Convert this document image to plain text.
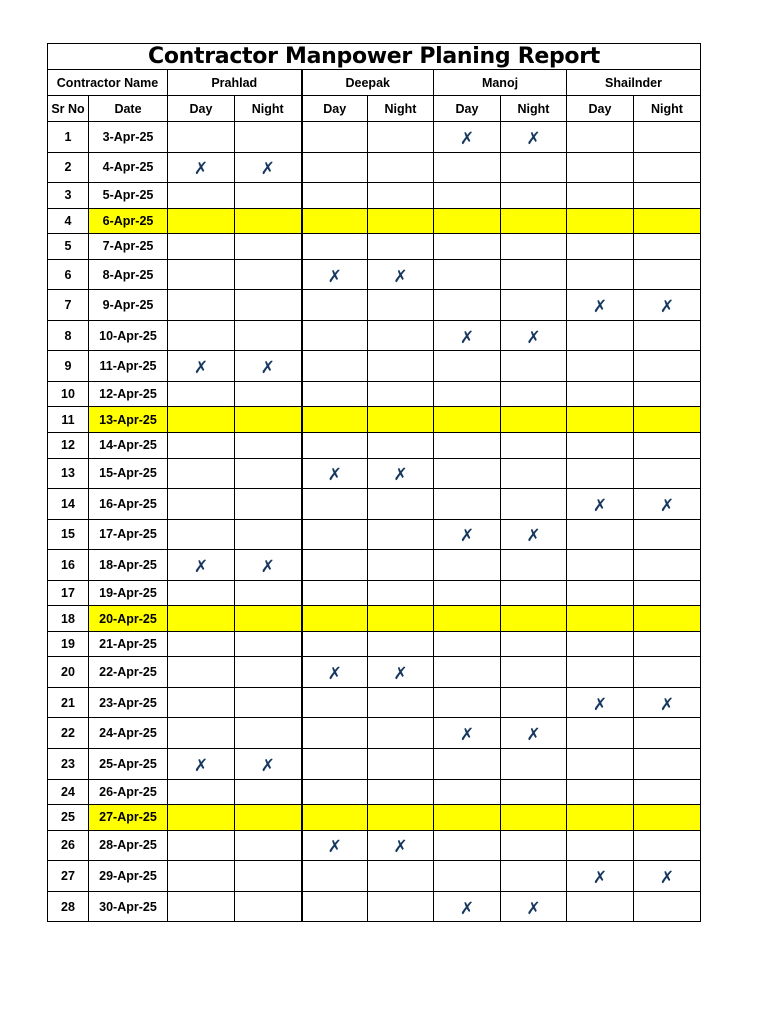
Contractor Manpower Planing Report									
Contractor Name		Prahlad		Deepak		Manoj		Shailnder	
Sr No	Date	Day	Night	Day	Night	Day	Night	Day	Night
1	3-Apr-25					✗	✗		
2	4-Apr-25	✗	✗						
3	5-Apr-25								
4	6-Apr-25								
5	7-Apr-25								
6	8-Apr-25			✗	✗				
7	9-Apr-25							✗	✗
8	10-Apr-25					✗	✗		
9	11-Apr-25	✗	✗						
10	12-Apr-25								
11	13-Apr-25								
12	14-Apr-25								
13	15-Apr-25			✗	✗				
14	16-Apr-25							✗	✗
15	17-Apr-25					✗	✗		
16	18-Apr-25	✗	✗						
17	19-Apr-25								
18	20-Apr-25								
19	21-Apr-25								
20	22-Apr-25			✗	✗				
21	23-Apr-25							✗	✗
22	24-Apr-25					✗	✗		
23	25-Apr-25	✗	✗						
24	26-Apr-25								
25	27-Apr-25								
26	28-Apr-25			✗	✗				
27	29-Apr-25							✗	✗
28	30-Apr-25					✗	✗		
